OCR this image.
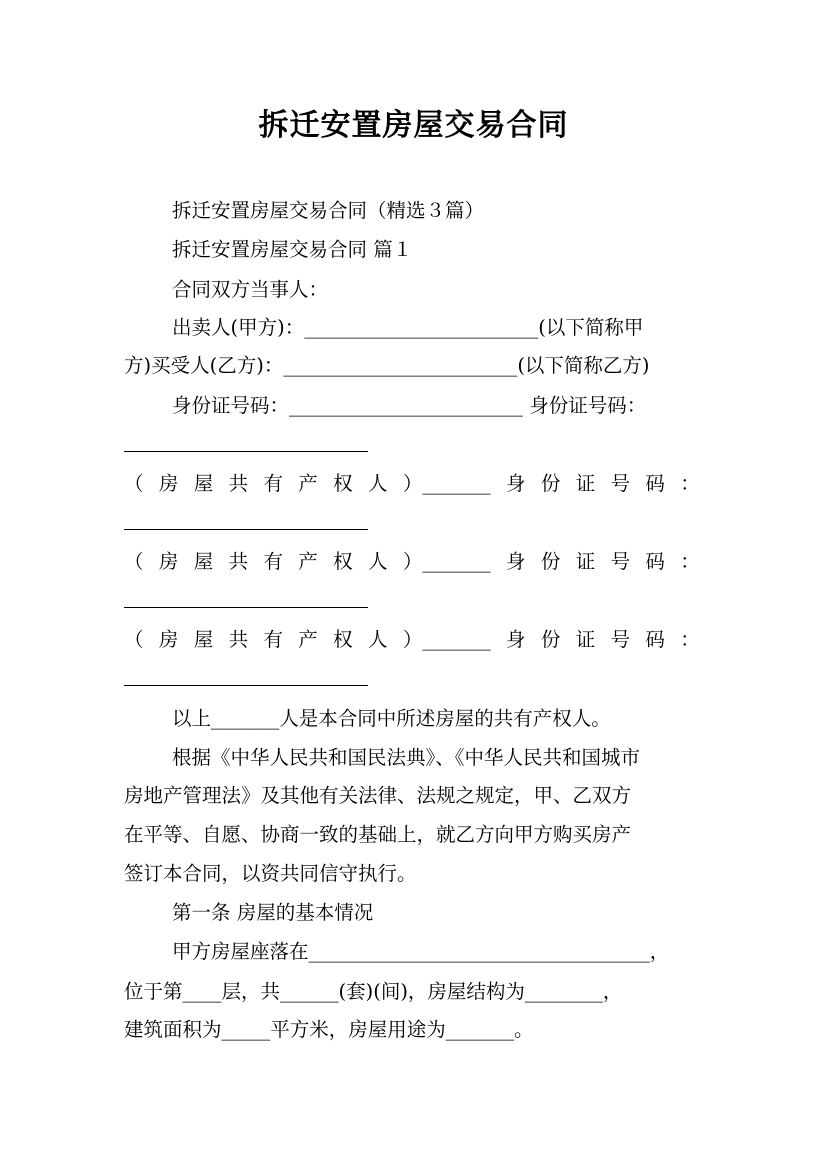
拆迁安置房屋交易合同
拆迁安置房屋交易合同（精选３篇）
拆迁安置房屋交易合同 篇１
合同双方当事人：
出卖人(甲方)：________________________(以下简称甲
方)买受人(乙方)：________________________(以下简称乙方)
身份证号码：________________________ 身份证号码：
（ 房 屋 共 有 产 权 人 ）_______ 身 份 证 号 码 ：
（ 房 屋 共 有 产 权 人 ）_______ 身 份 证 号 码 ：
（ 房 屋 共 有 产 权 人 ）_______ 身 份 证 号 码 ：
以上_______人是本合同中所述房屋的共有产权人。
根据《中华人民共和国民法典》、《中华人民共和国城市
房地产管理法》及其他有关法律、法规之规定，甲、乙双方
在平等、自愿、协商一致的基础上，就乙方向甲方购买房产
签订本合同，以资共同信守执行。
第一条 房屋的基本情况
甲方房屋座落在___________________________________，
位于第____层，共______(套)(间)，房屋结构为________，
建筑面积为_____平方米，房屋用途为_______。
